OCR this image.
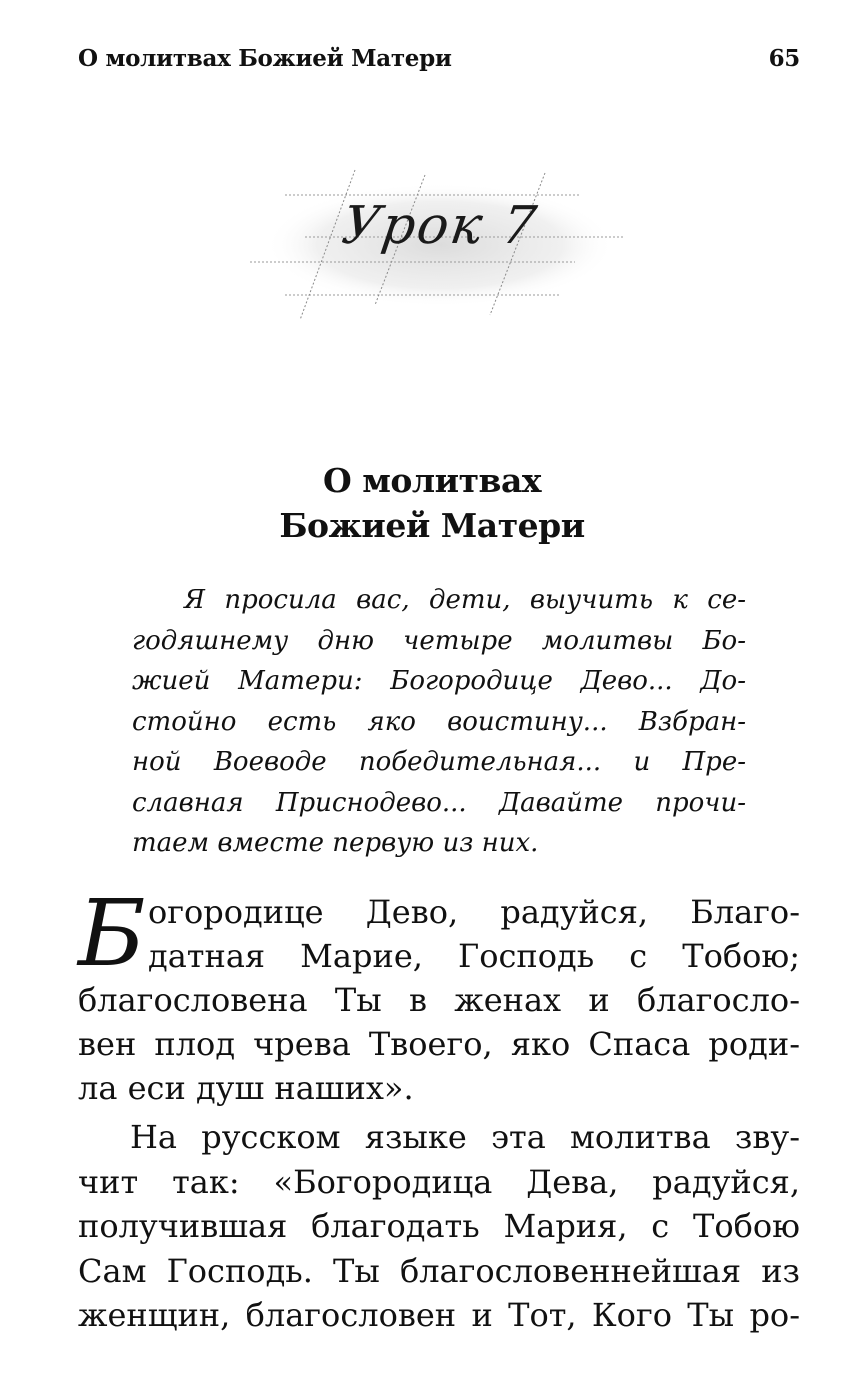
О молитвах Божией Матери	65
Урок 7
О молитвах
Божией Матери
Я просила вас, дети, выучить к се-
годяшнему дню четыре молитвы Бо-
жией Матери: Богородице Дево... До-
стойно есть яко воистину... Взбран-
ной Воеводе победительная... и Пре-
славная Приснодево... Давайте прочи-
таем вместе первую из них.
Б огородице Дево, радуйся, Благо-
датная Марие, Господь с Тобою;
благословена Ты в женах и благосло-
вен плод чрева Твоего, яко Спаса роди-
ла еси душ наших».
На русском языке эта молитва зву-
чит так: «Богородица Дева, радуйся,
получившая благодать Мария, с Тобою
Сам Господь. Ты благословеннейшая из
женщин, благословен и Тот, Кого Ты ро-
